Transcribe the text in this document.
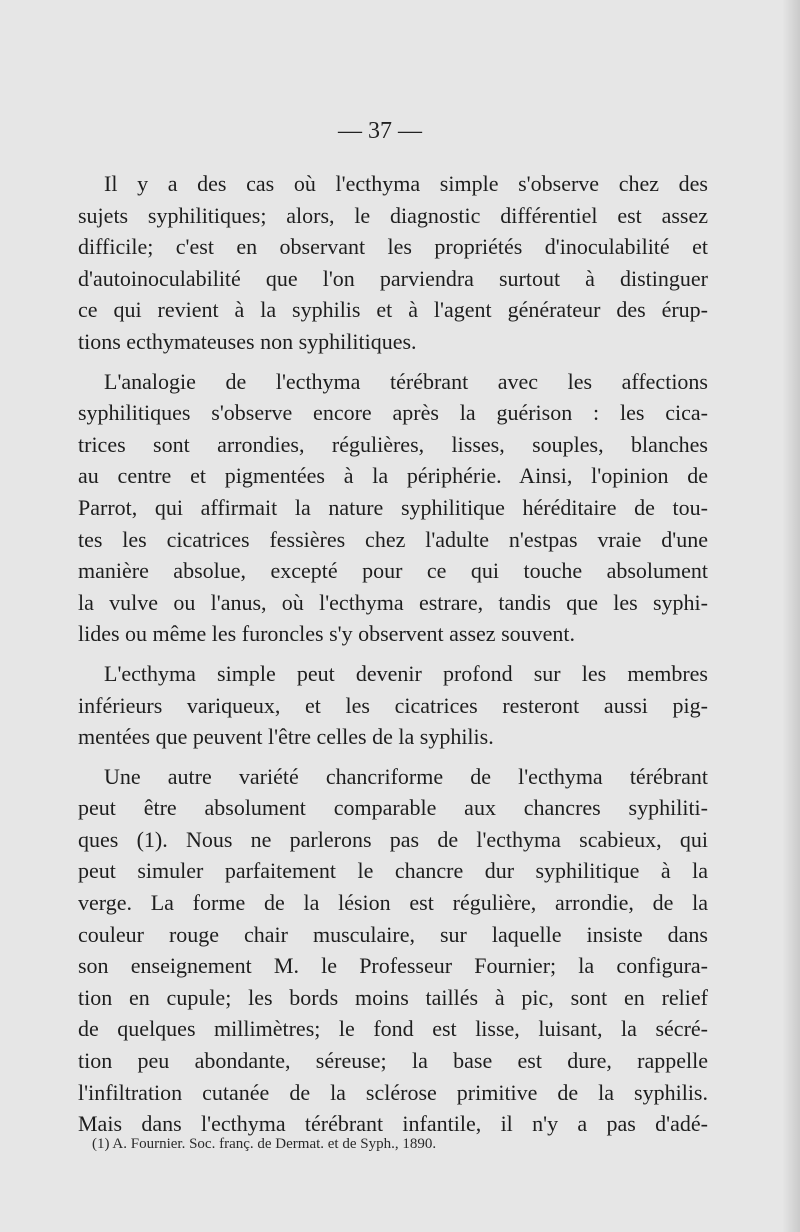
— 37 —

Il y a des cas où l'ecthyma simple s'observe chez des
sujets syphilitiques; alors, le diagnostic différentiel est assez
difficile; c'est en observant les propriétés d'inoculabilité et
d'autoinoculabilité que l'on parviendra surtout à distinguer
ce qui revient à la syphilis et à l'agent générateur des érup-
tions ecthymateuses non syphilitiques.

L'analogie de l'ecthyma térébrant avec les affections
syphilitiques s'observe encore après la guérison : les cica-
trices sont arrondies, régulières, lisses, souples, blanches
au centre et pigmentées à la périphérie. Ainsi, l'opinion de
Parrot, qui affirmait la nature syphilitique héréditaire de tou-
tes les cicatrices fessières chez l'adulte n'estpas vraie d'une
manière absolue, excepté pour ce qui touche absolument
la vulve ou l'anus, où l'ecthyma estrare, tandis que les syphi-
lides ou même les furoncles s'y observent assez souvent.

L'ecthyma simple peut devenir profond sur les membres
inférieurs variqueux, et les cicatrices resteront aussi pig-
mentées que peuvent l'être celles de la syphilis.

Une autre variété chancriforme de l'ecthyma térébrant
peut être absolument comparable aux chancres syphiliti-
ques (1). Nous ne parlerons pas de l'ecthyma scabieux, qui
peut simuler parfaitement le chancre dur syphilitique à la
verge. La forme de la lésion est régulière, arrondie, de la
couleur rouge chair musculaire, sur laquelle insiste dans
son enseignement M. le Professeur Fournier; la configura-
tion en cupule; les bords moins taillés à pic, sont en relief
de quelques millimètres; le fond est lisse, luisant, la sécré-
tion peu abondante, séreuse; la base est dure, rappelle
l'infiltration cutanée de la sclérose primitive de la syphilis.
Mais dans l'ecthyma térébrant infantile, il n'y a pas d'adé-

(1) A. Fournier. Soc. franç. de Dermat. et de Syph., 1890.
